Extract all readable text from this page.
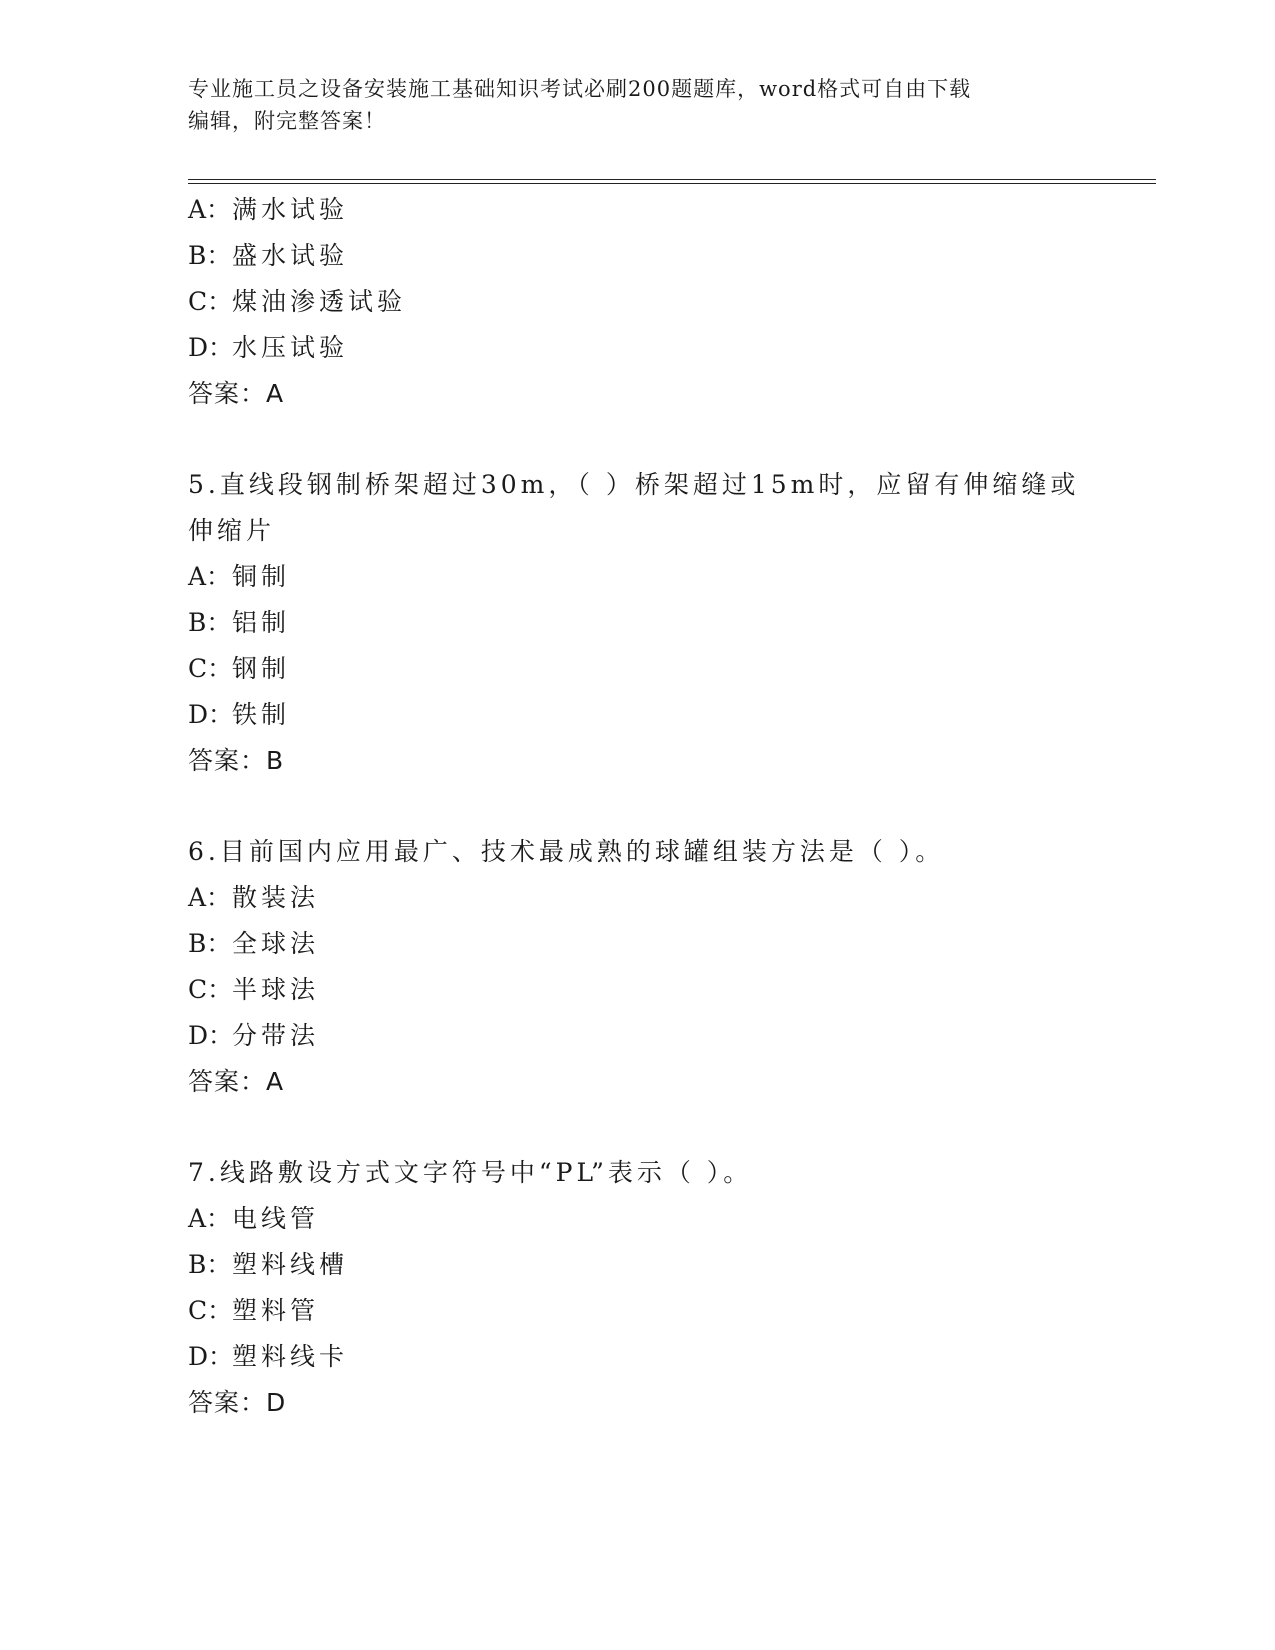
专业施工员之设备安装施工基础知识考试必刷200题题库，word格式可自由下载
编辑，附完整答案！
A：满水试验
B：盛水试验
C：煤油渗透试验
D：水压试验
答案：A
5.直线段钢制桥架超过30m，（ ）桥架超过15m时，应留有伸缩缝或
伸缩片
A：铜制
B：铝制
C：钢制
D：铁制
答案：B
6.目前国内应用最广、技术最成熟的球罐组装方法是（ ）。
A：散装法
B：全球法
C：半球法
D：分带法
答案：A
7.线路敷设方式文字符号中“PL”表示（ ）。
A：电线管
B：塑料线槽
C：塑料管
D：塑料线卡
答案：D
